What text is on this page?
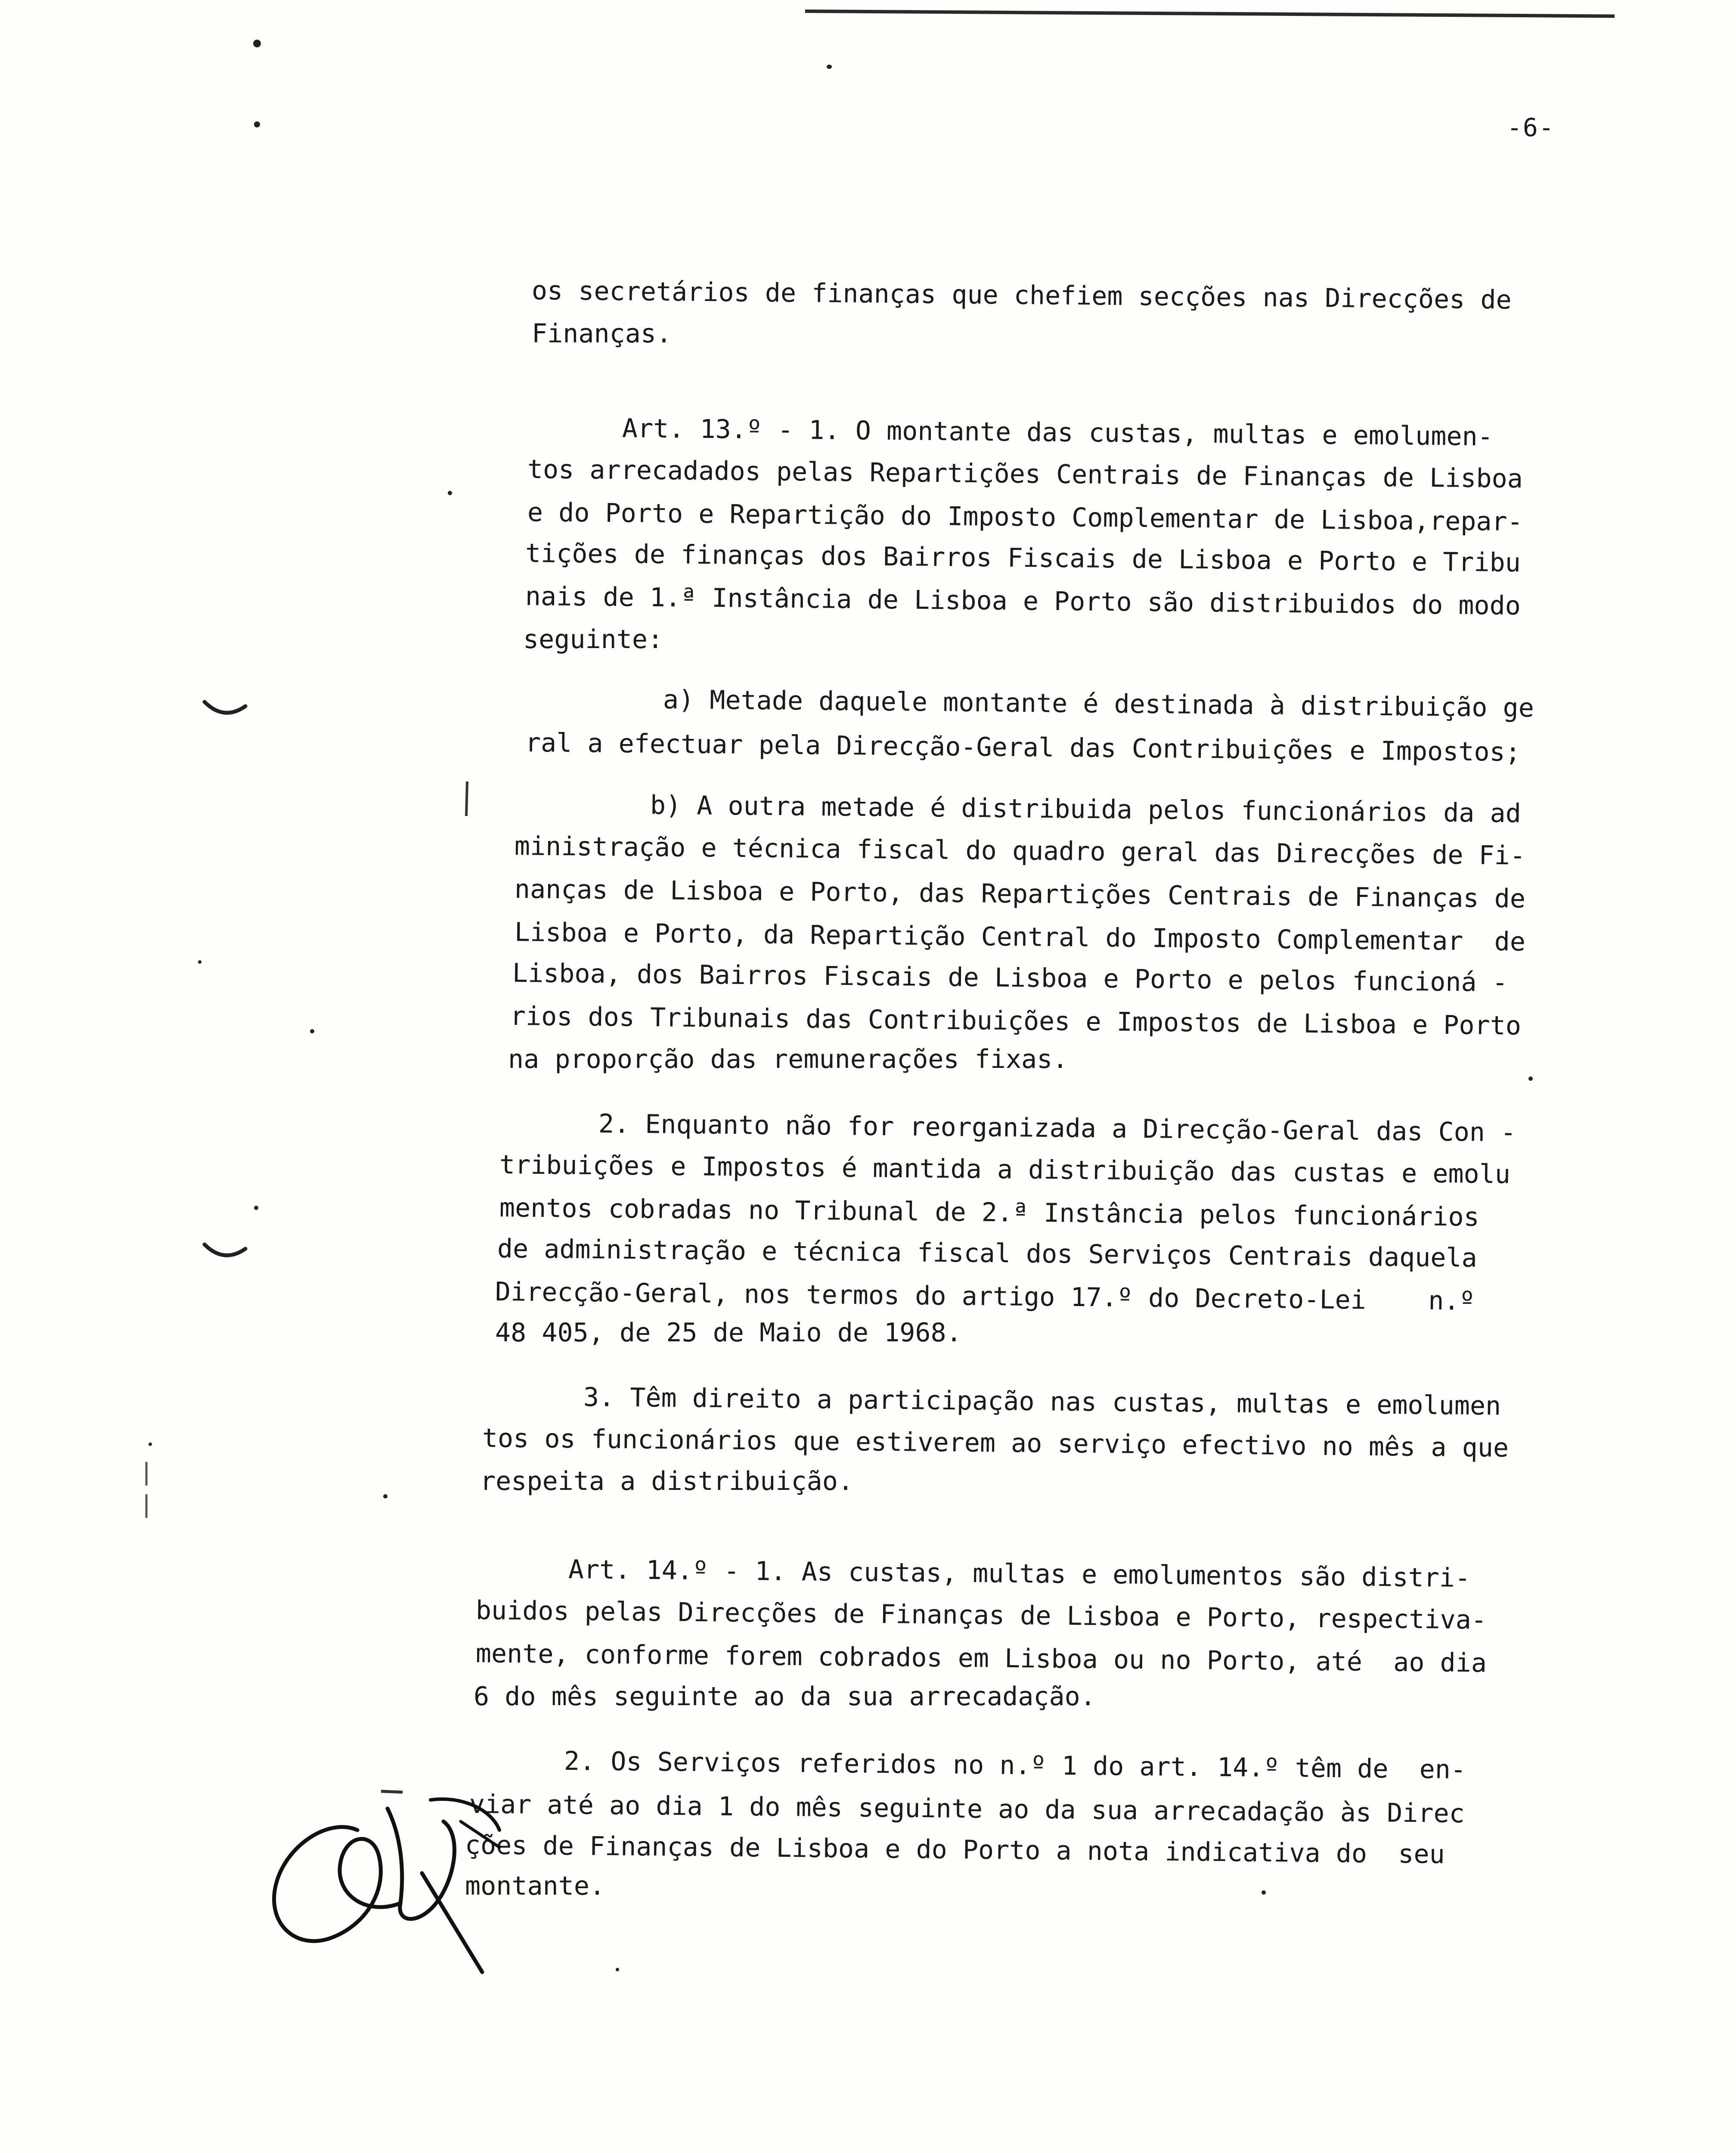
-6-
os secretários de finanças que chefiem secções nas Direcções de
Finanças.
Art. 13.º - 1. O montante das custas, multas e emolumen-
tos arrecadados pelas Repartições Centrais de Finanças de Lisboa
e do Porto e Repartição do Imposto Complementar de Lisboa,repar-
tições de finanças dos Bairros Fiscais de Lisboa e Porto e Tribu
nais de 1.ª Instância de Lisboa e Porto são distribuidos do modo
seguinte:
a) Metade daquele montante é destinada à distribuição ge
ral a efectuar pela Direcção-Geral das Contribuições e Impostos;
b) A outra metade é distribuida pelos funcionários da ad
ministração e técnica fiscal do quadro geral das Direcções de Fi-
nanças de Lisboa e Porto, das Repartições Centrais de Finanças de
Lisboa e Porto, da Repartição Central do Imposto Complementar  de
Lisboa, dos Bairros Fiscais de Lisboa e Porto e pelos funcioná -
rios dos Tribunais das Contribuições e Impostos de Lisboa e Porto
na proporção das remunerações fixas.
2. Enquanto não for reorganizada a Direcção-Geral das Con -
tribuições e Impostos é mantida a distribuição das custas e emolu
mentos cobradas no Tribunal de 2.ª Instância pelos funcionários
de administração e técnica fiscal dos Serviços Centrais daquela
Direcção-Geral, nos termos do artigo 17.º do Decreto-Lei    n.º
48 405, de 25 de Maio de 1968.
3. Têm direito a participação nas custas, multas e emolumen
tos os funcionários que estiverem ao serviço efectivo no mês a que
respeita a distribuição.
Art. 14.º - 1. As custas, multas e emolumentos são distri-
buidos pelas Direcções de Finanças de Lisboa e Porto, respectiva-
mente, conforme forem cobrados em Lisboa ou no Porto, até  ao dia
6 do mês seguinte ao da sua arrecadação.
2. Os Serviços referidos no n.º 1 do art. 14.º têm de  en-
viar até ao dia 1 do mês seguinte ao da sua arrecadação às Direc
ções de Finanças de Lisboa e do Porto a nota indicativa do  seu
montante.
